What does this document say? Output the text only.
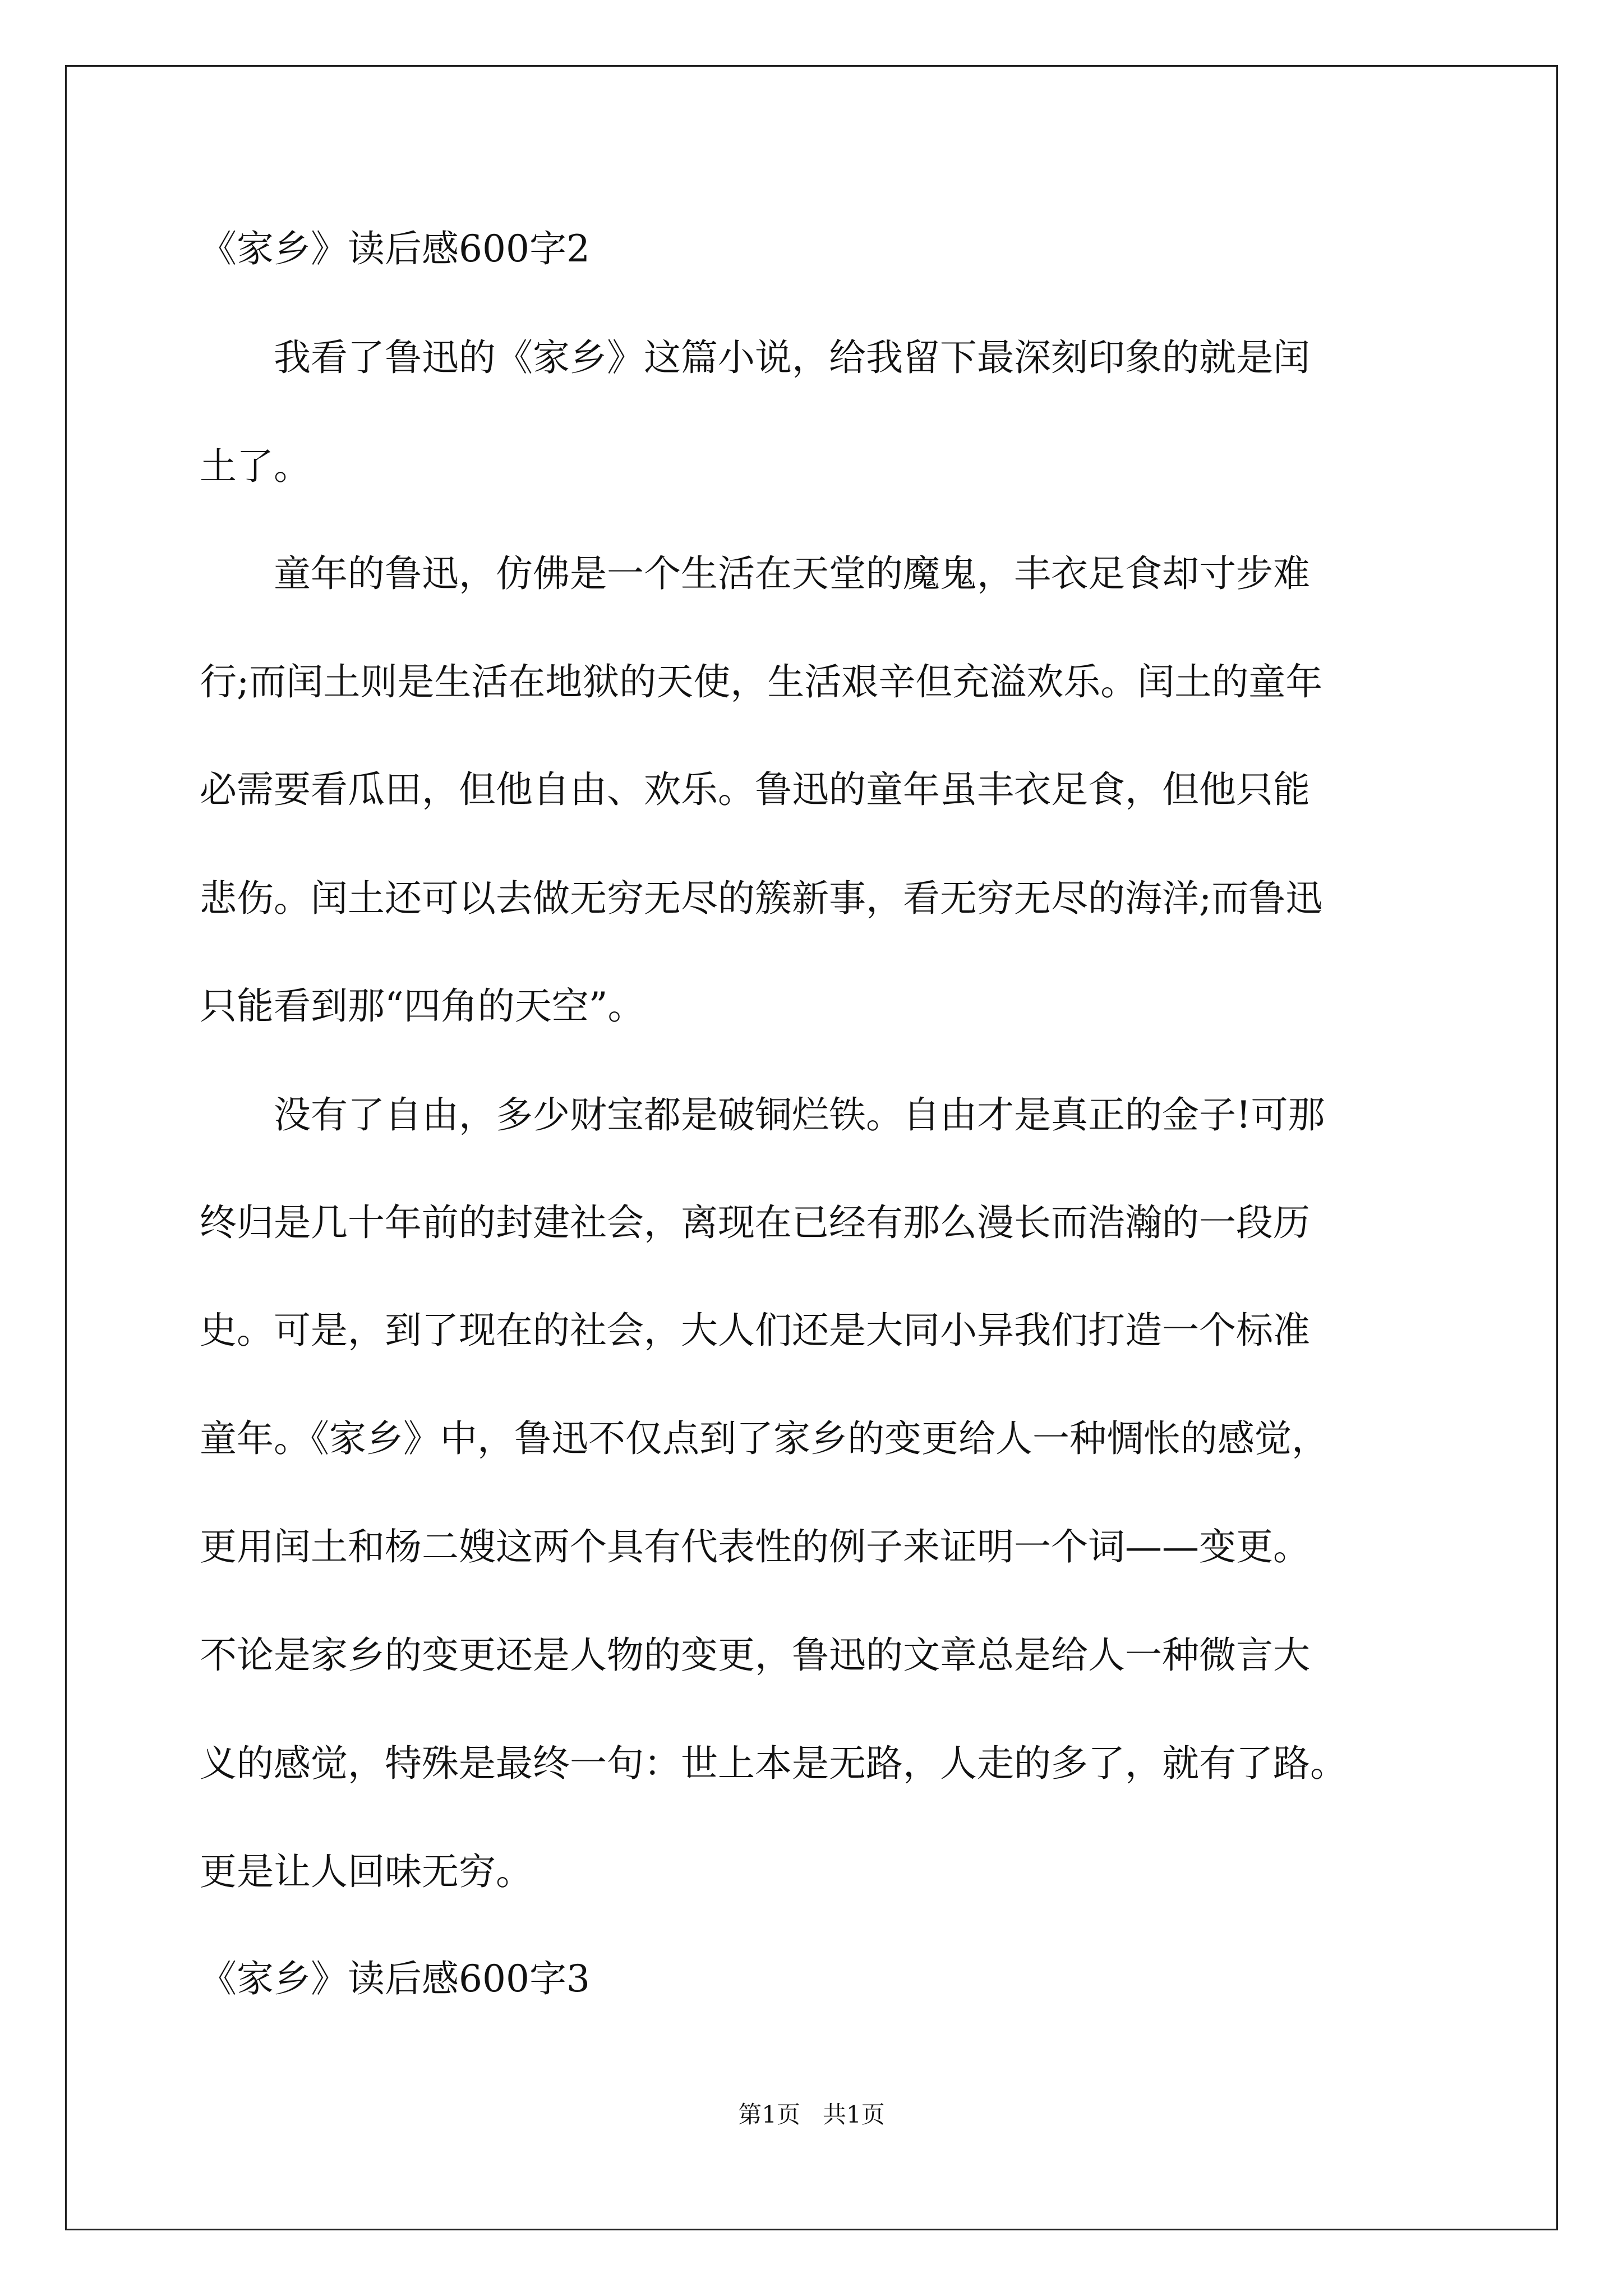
《家乡》读后感600字2
　　我看了鲁迅的《家乡》这篇小说，给我留下最深刻印象的就是闰
土了。
　　童年的鲁迅，仿佛是一个生活在天堂的魔鬼，丰衣足食却寸步难
行;而闰土则是生活在地狱的天使，生活艰辛但充溢欢乐。闰土的童年
必需要看瓜田，但他自由、欢乐。鲁迅的童年虽丰衣足食，但他只能
悲伤。闰土还可以去做无穷无尽的簇新事，看无穷无尽的海洋;而鲁迅
只能看到那“四角的天空”。
　　没有了自由，多少财宝都是破铜烂铁。自由才是真正的金子!可那
终归是几十年前的封建社会，离现在已经有那么漫长而浩瀚的一段历
史。可是，到了现在的社会，大人们还是大同小异我们打造一个标准
童年。《家乡》中，鲁迅不仅点到了家乡的变更给人一种惆怅的感觉，
更用闰土和杨二嫂这两个具有代表性的例子来证明一个词——变更。
不论是家乡的变更还是人物的变更，鲁迅的文章总是给人一种微言大
义的感觉，特殊是最终一句：世上本是无路，人走的多了，就有了路。
更是让人回味无穷。
《家乡》读后感600字3
第1页   共1页
